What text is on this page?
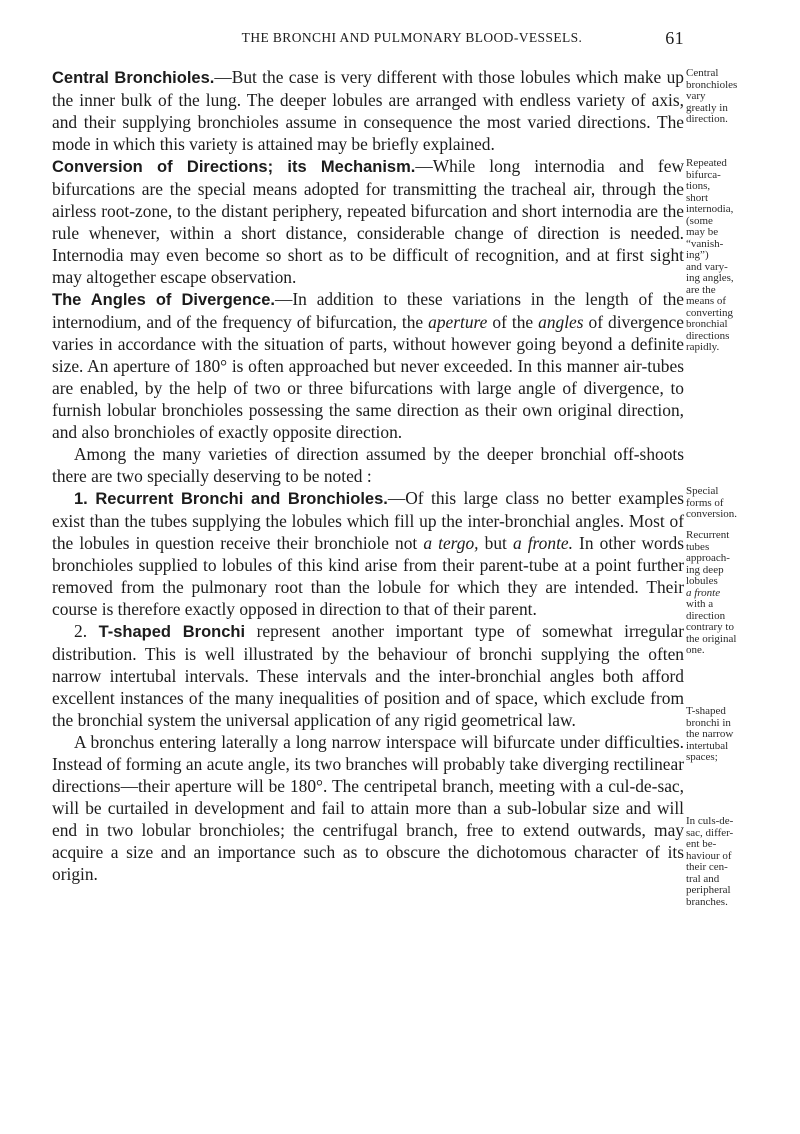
THE BRONCHI AND PULMONARY BLOOD-VESSELS.	61

Central Bronchioles.—But the case is very different with those lobules which make up the inner bulk of the lung. The deeper lobules are arranged with endless variety of axis, and their supplying bronchioles assume in consequence the most varied directions. The mode in which this variety is attained may be briefly explained.

Conversion of Directions; its Mechanism.—While long internodia and few bifurcations are the special means adopted for transmitting the tracheal air, through the airless root-zone, to the distant periphery, repeated bifurcation and short internodia are the rule whenever, within a short distance, considerable change of direction is needed. Internodia may even become so short as to be difficult of recognition, and at first sight may altogether escape observation.

The Angles of Divergence.—In addition to these variations in the length of the internodium, and of the frequency of bifurcation, the aperture of the angles of divergence varies in accordance with the situation of parts, without however going beyond a definite size. An aperture of 180° is often approached but never exceeded. In this manner air-tubes are enabled, by the help of two or three bifurcations with large angle of divergence, to furnish lobular bronchioles possessing the same direction as their own original direction, and also bronchioles of exactly opposite direction.

Among the many varieties of direction assumed by the deeper bronchial off-shoots there are two specially deserving to be noted :

1. Recurrent Bronchi and Bronchioles.—Of this large class no better examples exist than the tubes supplying the lobules which fill up the inter-bronchial angles. Most of the lobules in question receive their bronchiole not a tergo, but a fronte. In other words bronchioles supplied to lobules of this kind arise from their parent-tube at a point further removed from the pulmonary root than the lobule for which they are intended. Their course is therefore exactly opposed in direction to that of their parent.

2. T-shaped Bronchi represent another important type of somewhat irregular distribution. This is well illustrated by the behaviour of bronchi supplying the often narrow intertubal intervals. These intervals and the inter-bronchial angles both afford excellent instances of the many inequalities of position and of space, which exclude from the bronchial system the universal application of any rigid geometrical law.

A bronchus entering laterally a long narrow interspace will bifurcate under difficulties. Instead of forming an acute angle, its two branches will probably take diverging rectilinear directions—their aperture will be 180°. The centripetal branch, meeting with a cul-de-sac, will be curtailed in development and fail to attain more than a sub-lobular size and will end in two lobular bronchioles; the centrifugal branch, free to extend outwards, may acquire a size and an importance such as to obscure the dichotomous character of its origin.

Central
bronchioles
vary
greatly in
direction.
Repeated
bifurca-
tions,
short
internodia,
(some
may be
“vanish-
ing”)
and vary-
ing angles,
are the
means of
converting
bronchial
directions
rapidly.
Special
forms of
conversion.
Recurrent
tubes
approach-
ing deep
lobules
a fronte
with a
direction
contrary to
the original
one.
T-shaped
bronchi in
the narrow
intertubal
spaces;
In culs-de-
sac, differ-
ent be-
haviour of
their cen-
tral and
peripheral
branches.
